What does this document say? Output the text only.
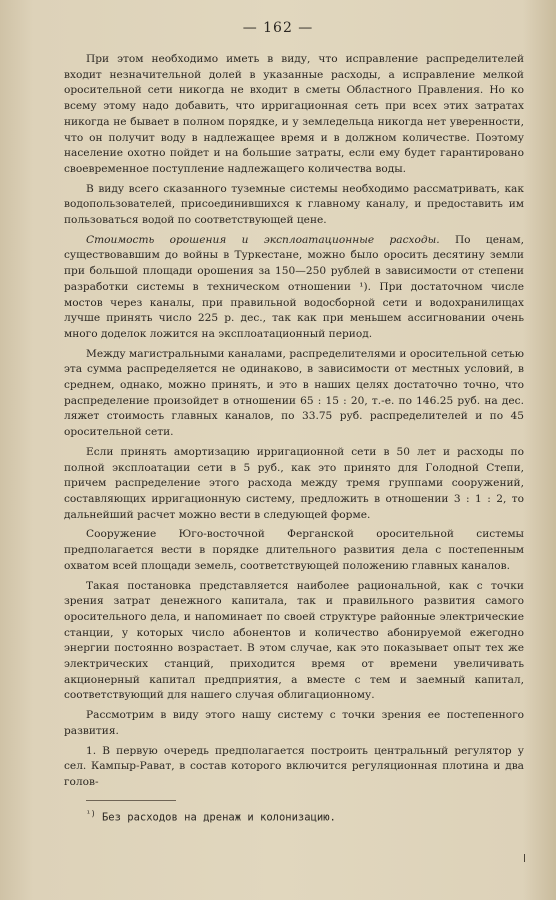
— 162 —

При этом необходимо иметь в виду, что исправление распределителей входит незначительной долей в указанные расходы, а исправление мелкой оросительной сети никогда не входит в сметы Областного Правления. Но ко всему этому надо добавить, что ирригационная сеть при всех этих затратах никогда не бывает в полном порядке, и у земледельца никогда нет уверенности, что он получит воду в надлежащее время и в должном количестве. Поэтому население охотно пойдет и на большие затраты, если ему будет гарантировано своевременное поступление надлежащего количества воды.

В виду всего сказанного туземные системы необходимо рассматривать, как водопользователей, присоединившихся к главному каналу, и предоставить им пользоваться водой по соответствующей цене.

Стоимость орошения и эксплоатационные расходы. По ценам, существовавшим до войны в Туркестане, можно было оросить десятину земли при большой площади орошения за 150—250 рублей в зависимости от степени разработки системы в техническом отношении ¹). При достаточном числе мостов через каналы, при правильной водосборной сети и водохранилищах лучше принять число 225 р. дес., так как при меньшем ассигновании очень много доделок ложится на эксплоатационный период.

Между магистральными каналами, распределителями и оросительной сетью эта сумма распределяется не одинаково, в зависимости от местных условий, в среднем, однако, можно принять, и это в наших целях достаточно точно, что распределение произойдет в отношении 65 : 15 : 20, т.-е. по 146.25 руб. на дес. ляжет стоимость главных каналов, по 33.75 руб. распределителей и по 45 оросительной сети.

Если принять амортизацию ирригационной сети в 50 лет и расходы по полной эксплоатации сети в 5 руб., как это принято для Голодной Степи, причем распределение этого расхода между тремя группами сооружений, составляющих ирригационную систему, предложить в отношении 3 : 1 : 2, то дальнейший расчет можно вести в следующей форме.

Сооружение Юго-восточной Ферганской оросительной системы предполагается вести в порядке длительного развития дела с постепенным охватом всей площади земель, соответствующей положению главных каналов.

Такая постановка представляется наиболее рациональной, как с точки зрения затрат денежного капитала, так и правильного развития самого оросительного дела, и напоминает по своей структуре районные электрические станции, у которых число абонентов и количество абонируемой ежегодно энергии постоянно возрастает. В этом случае, как это показывает опыт тех же электрических станций, приходится время от времени увеличивать акционерный капитал предприятия, а вместе с тем и заемный капитал, соответствующий для нашего случая облигационному.

Рассмотрим в виду этого нашу систему с точки зрения ее постепенного развития.

1. В первую очередь предполагается построить центральный регулятор у сел. Кампыр-Рават, в состав которого включится регуляционная плотина и два голов-

$^{^1)}$ Без расходов на дренаж и колонизацию.
